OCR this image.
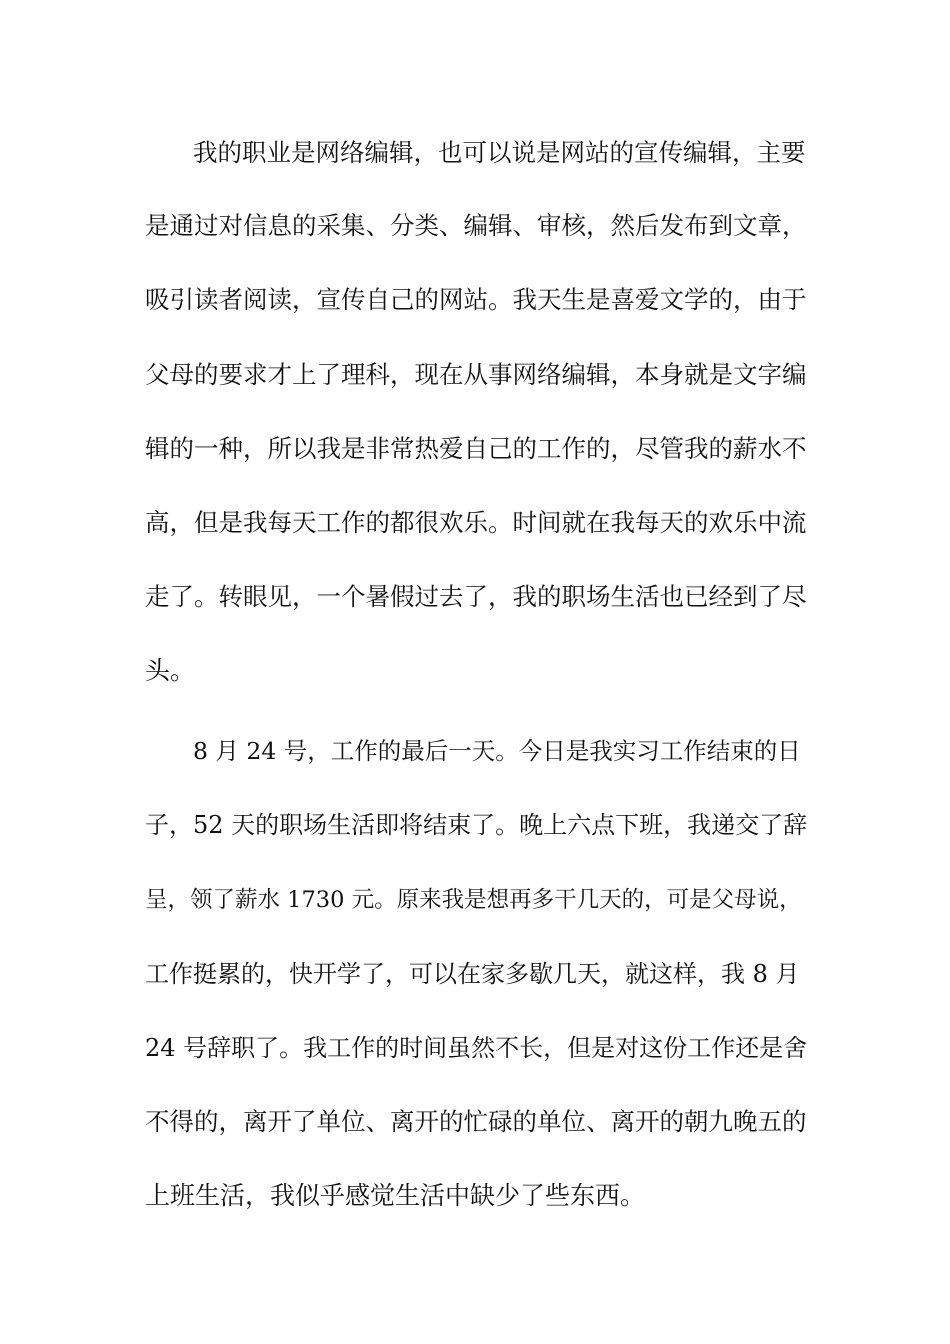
我的职业是网络编辑，也可以说是网站的宣传编辑，主要
是通过对信息的采集、分类、编辑、审核，然后发布到文章，
吸引读者阅读，宣传自己的网站。我天生是喜爱文学的，由于
父母的要求才上了理科，现在从事网络编辑，本身就是文字编
辑的一种，所以我是非常热爱自己的工作的，尽管我的薪水不
高，但是我每天工作的都很欢乐。时间就在我每天的欢乐中流
走了。转眼见，一个暑假过去了，我的职场生活也已经到了尽
头。
8 月 24 号，工作的最后一天。今日是我实习工作结束的日
子，52 天的职场生活即将结束了。晚上六点下班，我递交了辞
呈，领了薪水 1730 元。原来我是想再多干几天的，可是父母说，
工作挺累的，快开学了，可以在家多歇几天，就这样，我 8 月
24 号辞职了。我工作的时间虽然不长，但是对这份工作还是舍
不得的，离开了单位、离开的忙碌的单位、离开的朝九晚五的
上班生活，我似乎感觉生活中缺少了些东西。
